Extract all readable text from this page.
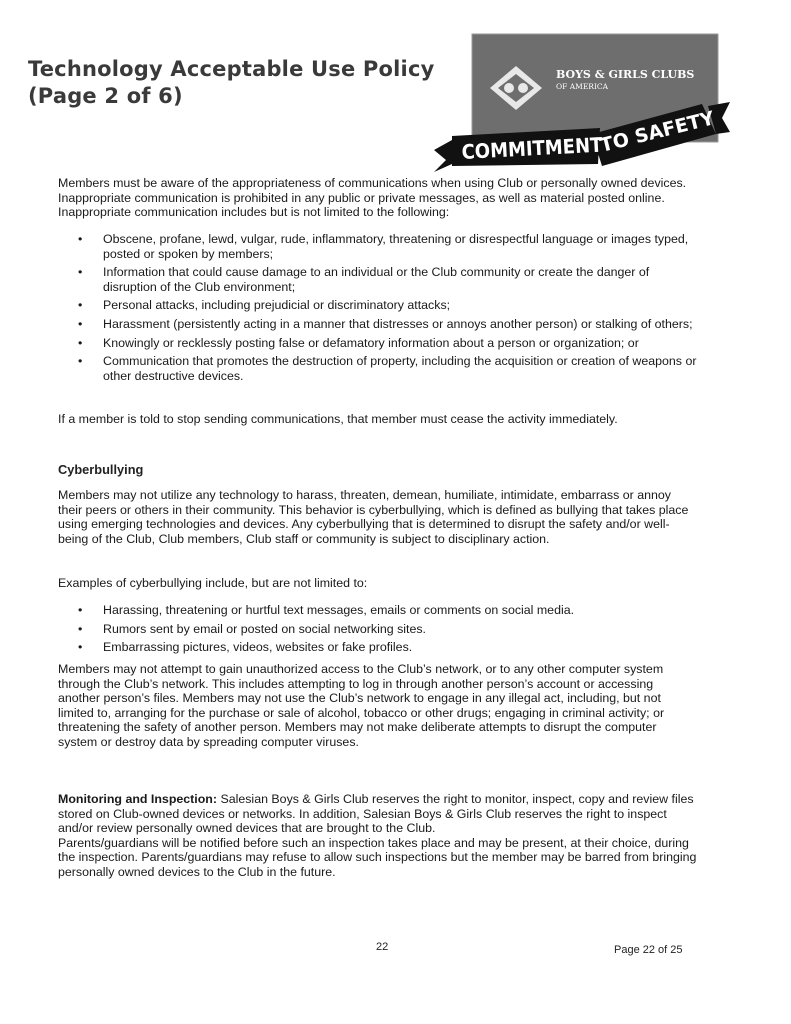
Technology Acceptable Use Policy
(Page 2 of 6)
BOYS & GIRLS CLUBS
OF AMERICA
COMMITMENT
TO SAFETY

Members must be aware of the appropriateness of communications when using Club or personally owned devices. Inappropriate communication is prohibited in any public or private messages, as well as material posted online. Inappropriate communication includes but is not limited to the following:

• Obscene, profane, lewd, vulgar, rude, inflammatory, threatening or disrespectful language or images typed, posted or spoken by members;
• Information that could cause damage to an individual or the Club community or create the danger of disruption of the Club environment;
• Personal attacks, including prejudicial or discriminatory attacks;
• Harassment (persistently acting in a manner that distresses or annoys another person) or stalking of others;
• Knowingly or recklessly posting false or defamatory information about a person or organization; or
• Communication that promotes the destruction of property, including the acquisition or creation of weapons or other destructive devices.

If a member is told to stop sending communications, that member must cease the activity immediately.

Cyberbullying

Members may not utilize any technology to harass, threaten, demean, humiliate, intimidate, embarrass or annoy their peers or others in their community. This behavior is cyberbullying, which is defined as bullying that takes place using emerging technologies and devices. Any cyberbullying that is determined to disrupt the safety and/or well-being of the Club, Club members, Club staff or community is subject to disciplinary action.

Examples of cyberbullying include, but are not limited to:

• Harassing, threatening or hurtful text messages, emails or comments on social media.
• Rumors sent by email or posted on social networking sites.
• Embarrassing pictures, videos, websites or fake profiles.

Members may not attempt to gain unauthorized access to the Club’s network, or to any other computer system through the Club’s network. This includes attempting to log in through another person’s account or accessing another person’s files. Members may not use the Club’s network to engage in any illegal act, including, but not limited to, arranging for the purchase or sale of alcohol, tobacco or other drugs; engaging in criminal activity; or threatening the safety of another person. Members may not make deliberate attempts to disrupt the computer system or destroy data by spreading computer viruses.

Monitoring and Inspection: Salesian Boys & Girls Club reserves the right to monitor, inspect, copy and review files stored on Club-owned devices or networks. In addition, Salesian Boys & Girls Club reserves the right to inspect and/or review personally owned devices that are brought to the Club.

Parents/guardians will be notified before such an inspection takes place and may be present, at their choice, during the inspection. Parents/guardians may refuse to allow such inspections but the member may be barred from bringing personally owned devices to the Club in the future.

22	Page 22 of 25
